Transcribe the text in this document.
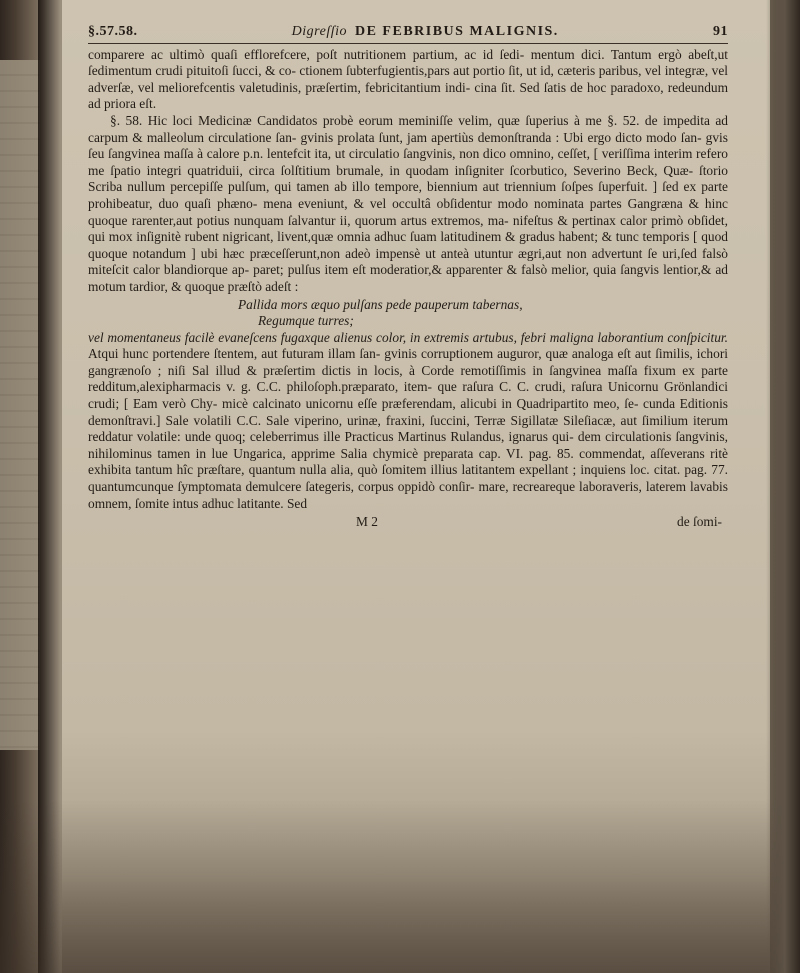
§.57.58.	Digreſſio DE FEBRIBUS MALIGNIS.	91

comparere ac ultimò quaſi efflorefcere, poſt nutritionem partium, ac id ſedi- mentum dici. Tantum ergò abeſt,ut ſedimentum crudi pituitoſi ſucci, & co- ctionem ſubterfugientis,pars aut portio ſit, ut id, cæteris paribus, vel integræ, vel adverſæ, vel meliorefcentis valetudinis, præſertim, febricitantium indi- cina ſit. Sed ſatis de hoc paradoxo, redeundum ad priora eſt.

§. 58. Hic loci Medicinæ Candidatos probè eorum meminiſſe velim, quæ ſuperius à me §. 52. de impedita ad carpum & malleolum circulatione ſan- gvinis prolata ſunt, jam apertiùs demonſtranda : Ubi ergo dicto modo ſan- gvis ſeu ſangvinea maſſa à calore p.n. lentefcit ita, ut circulatio ſangvinis, non dico omnino, ceſſet, [ veriſſima interim refero me ſpatio integri quatriduii, circa ſolſtitium brumale, in quodam inſigniter ſcorbutico, Severino Beck, Quæ- ſtorio Scriba nullum percepiſſe pulſum, qui tamen ab illo tempore, biennium aut triennium ſoſpes ſuperfuit. ] ſed ex parte prohibeatur, duo quaſi phæno- mena eveniunt, & vel occultâ obſidentur modo nominata partes Gangræna & hinc quoque rarenter,aut potius nunquam ſalvantur ii, quorum artus extremos, ma- nifeſtus & pertinax calor primò obſidet, qui mox inſignitè rubent nigricant, livent,quæ omnia adhuc ſuam latitudinem & gradus habent; & tunc temporis [ quod quoque notandum ] ubi hæc præceſſerunt,non adeò impensè ut anteà utuntur ægri,aut non advertunt ſe uri,ſed falsò miteſcit calor blandiorque ap- paret; pulſus item eſt moderatior,& apparenter & falsò melior, quia ſangvis lentior,& ad motum tardior, & quoque præſtò adeſt :

Pallida mors æquo pulſans pede pauperum tabernas,
Regumque turres;

vel momentaneus facilè evaneſcens fugaxque alienus color, in extremis artubus, febri maligna laborantium conſpicitur. Atqui hunc portendere ſtentem, aut futuram illam ſan- gvinis corruptionem auguror, quæ analoga eſt aut ſimilis, ichori gangrænoſo ; niſi Sal illud & præſertim dictis in locis, à Corde remotiſſimis in ſangvinea maſſa fixum ex parte redditum,alexipharmacis v. g. C.C. philoſoph.præparato, item- que raſura C. C. crudi, raſura Unicornu Grönlandici crudi; [ Eam verò Chy- micè calcinato unicornu eſſe præferendam, alicubi in Quadripartito meo, ſe- cunda Editionis demonſtravi.] Sale volatili C.C. Sale viperino, urinæ, fraxini, ſuccini, Terræ Sigillatæ Sileſiacæ, aut ſimilium iterum reddatur volatile: unde quoq; celeberrimus ille Practicus Martinus Rulandus, ignarus qui- dem circulationis ſangvinis, nihilominus tamen in lue Ungarica, apprime Salia chymicè preparata cap. VI. pag. 85. commendat, aſſeverans ritè exhibita tantum hîc præſtare, quantum nulla alia, quò ſomitem illius latitantem expellant ; inquiens loc. citat. pag. 77. quantumcunque ſymptomata demulcere ſategeris, corpus oppidò conſir- mare, recreareque laboraveris, laterem lavabis omnem, ſomite intus adhuc latitante. Sed

M 2	de ſomi-
